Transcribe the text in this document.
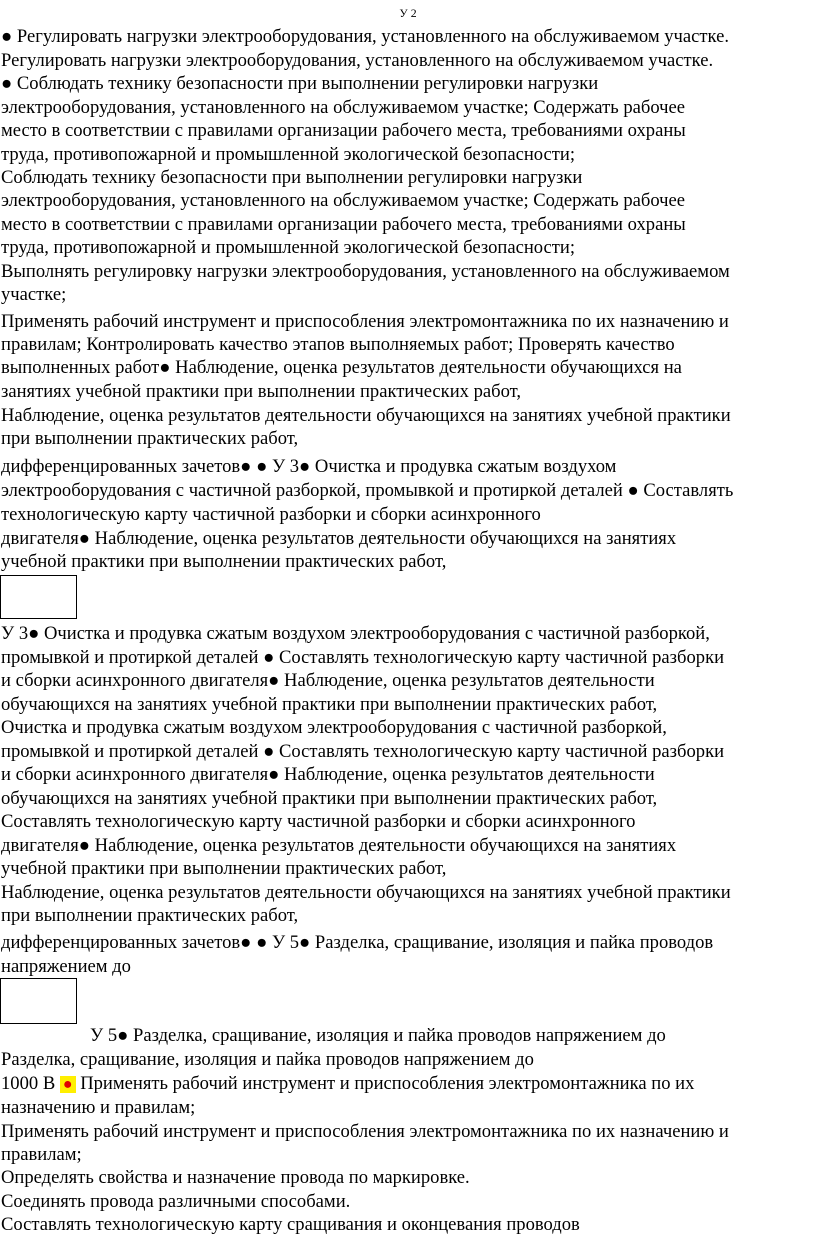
У 2
● Регулировать нагрузки электрооборудования, установленного на обслуживаемом участке.
Регулировать нагрузки электрооборудования, установленного на обслуживаемом участке.
● Соблюдать технику безопасности при выполнении регулировки нагрузки
электрооборудования, установленного на обслуживаемом участке; Содержать рабочее
место в соответствии с правилами организации рабочего места, требованиями охраны
труда, противопожарной и промышленной экологической безопасности;
Соблюдать технику безопасности при выполнении регулировки нагрузки
электрооборудования, установленного на обслуживаемом участке; Содержать рабочее
место в соответствии с правилами организации рабочего места, требованиями охраны
труда, противопожарной и промышленной экологической безопасности;
Выполнять регулировку нагрузки электрооборудования, установленного на обслуживаемом
участке;
Применять рабочий инструмент и приспособления электромонтажника по их назначению и
правилам; Контролировать качество этапов выполняемых работ; Проверять качество
выполненных работ● Наблюдение, оценка результатов деятельности обучающихся на
занятиях учебной практики при выполнении практических работ,
Наблюдение, оценка результатов деятельности обучающихся на занятиях учебной практики
при выполнении практических работ,
дифференцированных зачетов● ● У 3● Очистка и продувка сжатым воздухом
электрооборудования с частичной разборкой, промывкой и протиркой деталей ● Составлять
технологическую карту частичной разборки и сборки асинхронного
двигателя● Наблюдение, оценка результатов деятельности обучающихся на занятиях
учебной практики при выполнении практических работ,
У 3● Очистка и продувка сжатым воздухом электрооборудования с частичной разборкой,
промывкой и протиркой деталей ● Составлять технологическую карту частичной разборки
и сборки асинхронного двигателя● Наблюдение, оценка результатов деятельности
обучающихся на занятиях учебной практики при выполнении практических работ,
Очистка и продувка сжатым воздухом электрооборудования с частичной разборкой,
промывкой и протиркой деталей ● Составлять технологическую карту частичной разборки
и сборки асинхронного двигателя● Наблюдение, оценка результатов деятельности
обучающихся на занятиях учебной практики при выполнении практических работ,
Составлять технологическую карту частичной разборки и сборки асинхронного
двигателя● Наблюдение, оценка результатов деятельности обучающихся на занятиях
учебной практики при выполнении практических работ,
Наблюдение, оценка результатов деятельности обучающихся на занятиях учебной практики
при выполнении практических работ,
дифференцированных зачетов● ● У 5● Разделка, сращивание, изоляция и пайка проводов
напряжением до
У 5● Разделка, сращивание, изоляция и пайка проводов напряжением до
Разделка, сращивание, изоляция и пайка проводов напряжением до
1000 В ● Применять рабочий инструмент и приспособления электромонтажника по их
назначению и правилам;
Применять рабочий инструмент и приспособления электромонтажника по их назначению и
правилам;
Определять свойства и назначение провода по маркировке.
Соединять провода различными способами.
Составлять технологическую карту сращивания и оконцевания проводов
